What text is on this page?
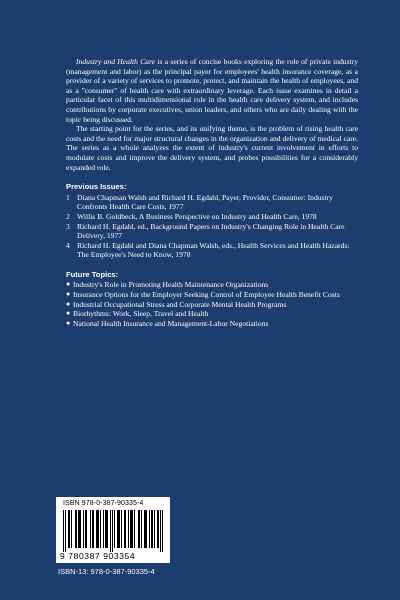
Industry and Health Care is a series of concise books exploring the role of private industry (management and labor) as the principal payer for employees' health insurance coverage, as a provider of a variety of services to promote, protect, and maintain the health of employees, and as a "consumer" of health care with extraordinary leverage. Each issue examines in detail a particular facet of this multidimensional role in the health care delivery system, and includes contributions by corporate executives, union leaders, and others who are daily dealing with the topic being discussed.

The starting point for the series, and its unifying theme, is the problem of rising health care costs and the need for major structural changes in the organization and delivery of medical care. The series as a whole analyzes the extent of industry's current involvement in efforts to modulate costs and improve the delivery system, and probes possibilities for a considerably expanded role.

Previous Issues:
1 Diana Chapman Walsh and Richard H. Egdahl, Payer, Provider, Consumer: Industry Confronts Health Care Costs, 1977
2 Willis B. Goldbeck, A Business Perspective on Industry and Health Care, 1978
3 Richard H. Egdahl, ed., Background Papers on Industry's Changing Role in Health Care Delivery, 1977
4 Richard H. Egdahl and Diana Chapman Walsh, eds., Health Services and Health Hazards: The Employee's Need to Know, 1978
Future Topics:
● Industry's Role in Promoting Health Maintenance Organizations
● Insurance Options for the Employer Seeking Control of Employee Health Benefit Costs
● Industrial Occupational Stress and Corporate Mental Health Programs
● Biorhythms: Work, Sleep, Travel and Health
● National Health Insurance and Management-Labor Negotiations
ISBN 978-0-387-90335-4
9 780387 903354
ISBN-13: 978-0-387-90335-4
